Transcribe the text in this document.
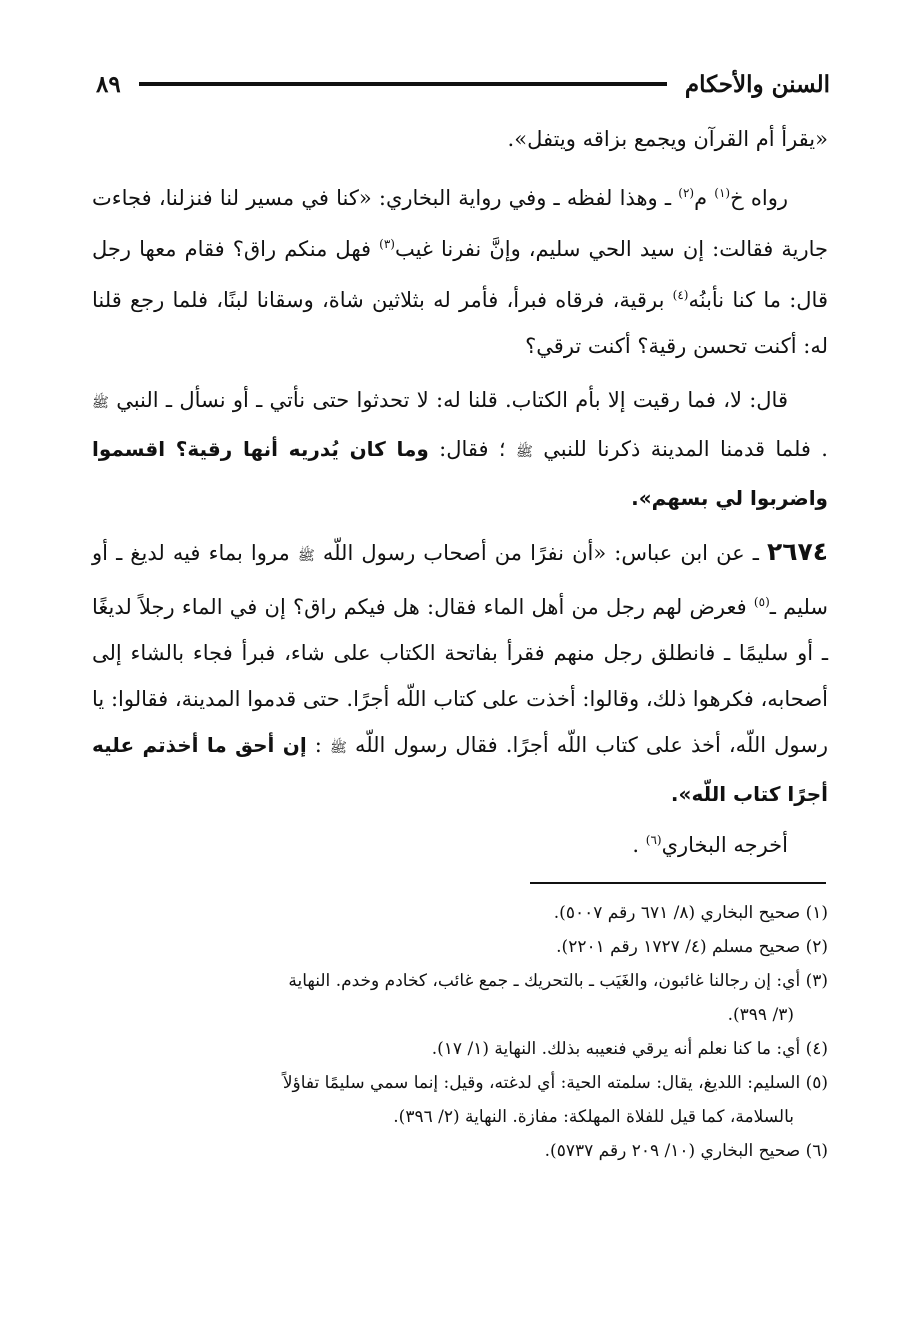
السنن والأحكام
٨٩

«يقرأ أم القرآن ويجمع بزاقه ويتفل».

رواه خ$^{(١)}$ م$^{(٢)}$ ـ وهذا لفظه ـ وفي رواية البخاري: «كنا في مسير لنا فنزلنا، فجاءت جارية فقالت: إن سيد الحي سليم، وإنَّ نفرنا غيب$^{(٣)}$ فهل منكم راق؟ فقام معها رجل قال: ما كنا نأبنُه$^{(٤)}$ برقية، فرقاه فبرأ، فأمر له بثلاثين شاة، وسقانا لبنًا، فلما رجع قلنا له: أكنت تحسن رقية؟ أكنت ترقي؟

قال: لا، فما رقيت إلا بأم الكتاب. قلنا له: لا تحدثوا حتى نأتي ـ أو نسأل ـ النبي ﷺ . فلما قدمنا المدينة ذكرنا للنبي ﷺ ؛ فقال: وما كان يُدريه أنها رقية؟ اقسموا واضربوا لي بسهم».

٢٦٧٤ ـ عن ابن عباس: «أن نفرًا من أصحاب رسول اللّه ﷺ مروا بماء فيه لديغ ـ أو سليم ـ$^{(٥)}$ فعرض لهم رجل من أهل الماء فقال: هل فيكم راق؟ إن في الماء رجلاً لديغًا ـ أو سليمًا ـ فانطلق رجل منهم فقرأ بفاتحة الكتاب على شاء، فبرأ فجاء بالشاء إلى أصحابه، فكرهوا ذلك، وقالوا: أخذت على كتاب اللّه أجرًا. حتى قدموا المدينة، فقالوا: يا رسول اللّه، أخذ على كتاب اللّه أجرًا. فقال رسول اللّه ﷺ : إن أحق ما أخذتم عليه أجرًا كتاب اللّه».

أخرجه البخاري$^{(٦)}$ .

(١) صحيح البخاري (٨/ ٦٧١ رقم ٥٠٠٧).

(٢) صحيح مسلم (٤/ ١٧٢٧ رقم ٢٢٠١).

(٣) أي: إن رجالنا غائبون، والغَيَب ـ بالتحريك ـ جمع غائب، كخادم وخدم. النهاية

(٣/ ٣٩٩).

(٤) أي: ما كنا نعلم أنه يرقي فنعيبه بذلك. النهاية (١/ ١٧).

(٥) السليم: اللديغ، يقال: سلمته الحية: أي لدغته، وقيل: إنما سمي سليمًا تفاؤلاً

بالسلامة، كما قيل للفلاة المهلكة: مفازة. النهاية (٢/ ٣٩٦).

(٦) صحيح البخاري (١٠/ ٢٠٩ رقم ٥٧٣٧).
